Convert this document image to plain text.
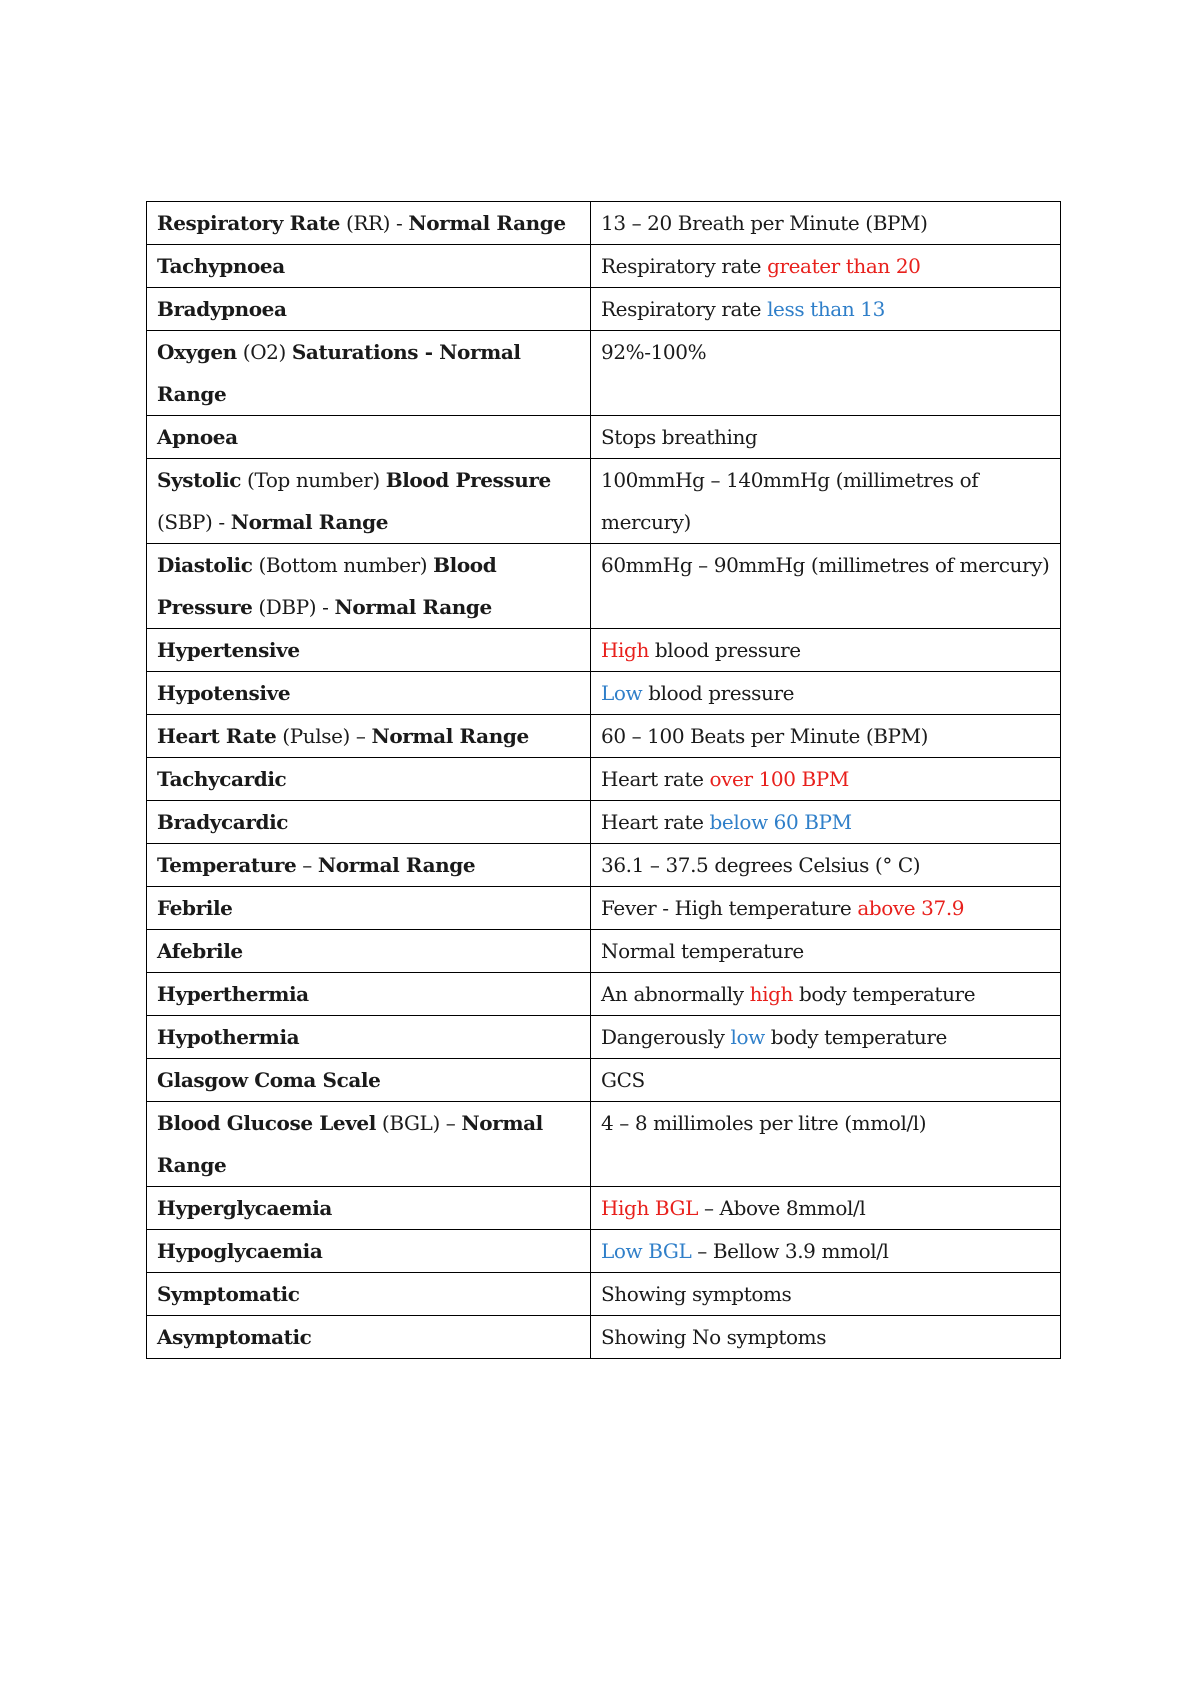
Respiratory Rate (RR) - Normal Range	13 – 20 Breath per Minute (BPM)
Tachypnoea	Respiratory rate greater than 20
Bradypnoea	Respiratory rate less than 13
Oxygen (O2) Saturations - Normal Range	92%-100%
Apnoea	Stops breathing
Systolic (Top number) Blood Pressure (SBP) - Normal Range	100mmHg – 140mmHg (millimetres of mercury)
Diastolic (Bottom number) Blood Pressure (DBP) - Normal Range	60mmHg – 90mmHg (millimetres of mercury)
Hypertensive	High blood pressure
Hypotensive	Low blood pressure
Heart Rate (Pulse) – Normal Range	60 – 100 Beats per Minute (BPM)
Tachycardic	Heart rate over 100 BPM
Bradycardic	Heart rate below 60 BPM
Temperature – Normal Range	36.1 – 37.5 degrees Celsius (° C)
Febrile	Fever - High temperature above 37.9
Afebrile	Normal temperature
Hyperthermia	An abnormally high body temperature
Hypothermia	Dangerously low body temperature
Glasgow Coma Scale	GCS
Blood Glucose Level (BGL) – Normal Range	4 – 8 millimoles per litre (mmol/l)
Hyperglycaemia	High BGL – Above 8mmol/l
Hypoglycaemia	Low BGL – Bellow 3.9 mmol/l
Symptomatic	Showing symptoms
Asymptomatic	Showing No symptoms
